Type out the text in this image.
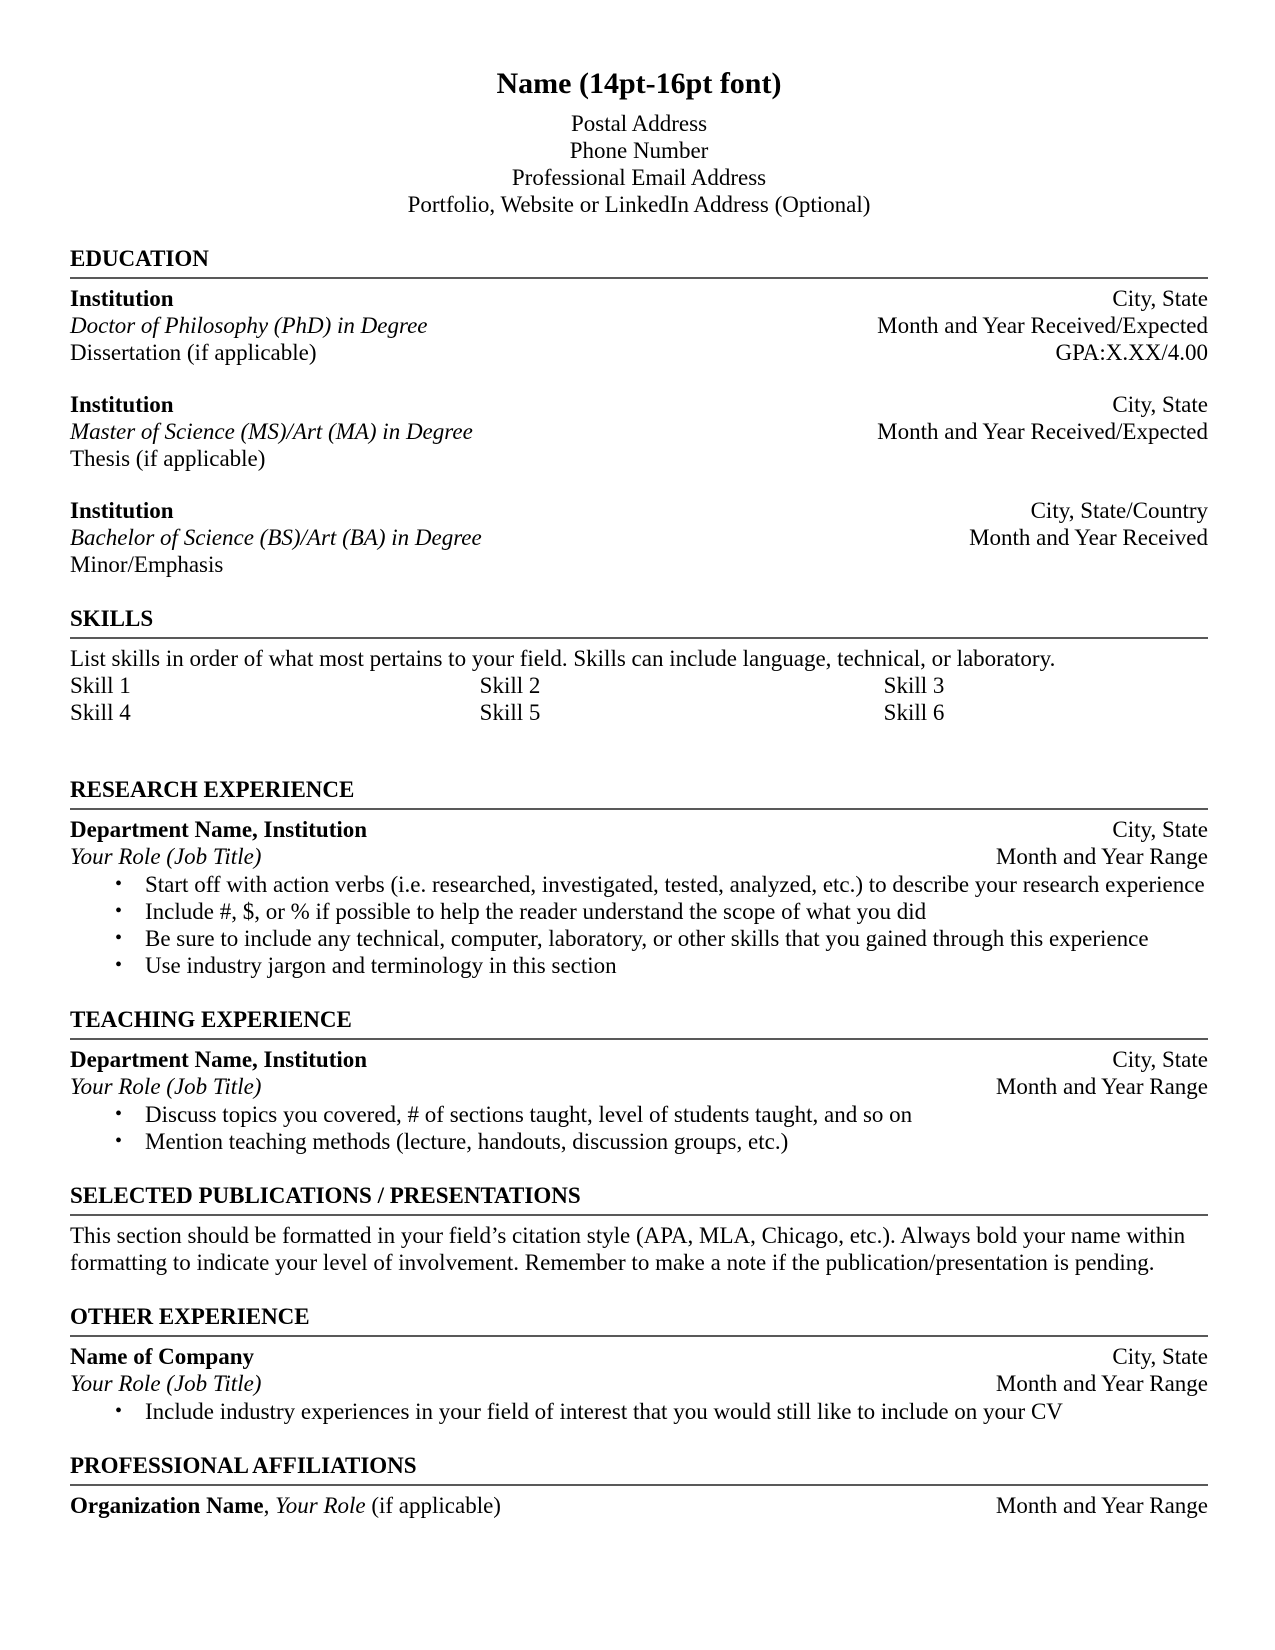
Name (14pt-16pt font)
Postal Address
Phone Number
Professional Email Address
Portfolio, Website or LinkedIn Address (Optional)
EDUCATION
Institution	City, State
Doctor of Philosophy (PhD) in Degree	Month and Year Received/Expected
Dissertation (if applicable)	GPA:X.XX/4.00
Institution	City, State
Master of Science (MS)/Art (MA) in Degree	Month and Year Received/Expected
Thesis (if applicable)
Institution	City, State/Country
Bachelor of Science (BS)/Art (BA) in Degree	Month and Year Received
Minor/Emphasis
SKILLS
List skills in order of what most pertains to your field. Skills can include language, technical, or laboratory.
Skill 1	Skill 2	Skill 3
Skill 4	Skill 5	Skill 6
RESEARCH EXPERIENCE
Department Name, Institution	City, State
Your Role (Job Title)	Month and Year Range
• Start off with action verbs (i.e. researched, investigated, tested, analyzed, etc.) to describe your research experience
• Include #, $, or % if possible to help the reader understand the scope of what you did
• Be sure to include any technical, computer, laboratory, or other skills that you gained through this experience
• Use industry jargon and terminology in this section
TEACHING EXPERIENCE
Department Name, Institution	City, State
Your Role (Job Title)	Month and Year Range
• Discuss topics you covered, # of sections taught, level of students taught, and so on
• Mention teaching methods (lecture, handouts, discussion groups, etc.)
SELECTED PUBLICATIONS / PRESENTATIONS
This section should be formatted in your field’s citation style (APA, MLA, Chicago, etc.). Always bold your name within formatting to indicate your level of involvement. Remember to make a note if the publication/presentation is pending.
OTHER EXPERIENCE
Name of Company	City, State
Your Role (Job Title)	Month and Year Range
• Include industry experiences in your field of interest that you would still like to include on your CV
PROFESSIONAL AFFILIATIONS
Organization Name, Your Role (if applicable)	Month and Year Range
